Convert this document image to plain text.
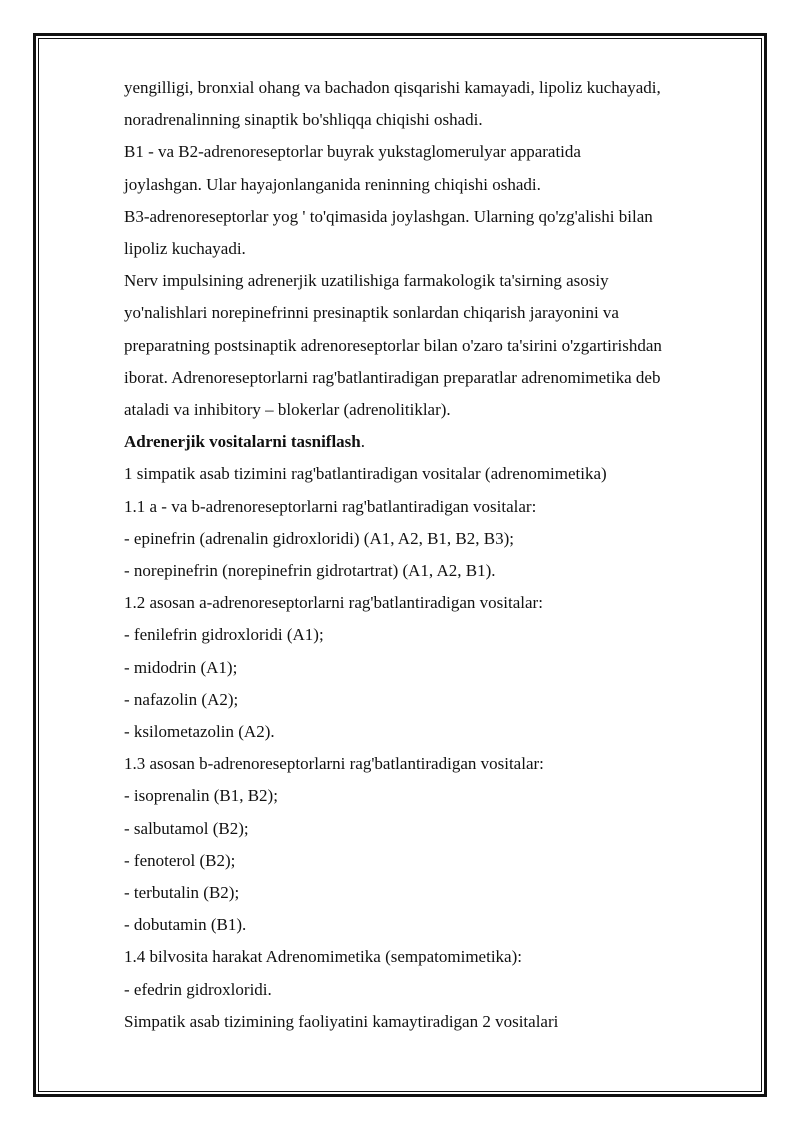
yengilligi, bronxial ohang va bachadon qisqarishi kamayadi, lipoliz kuchayadi,

noradrenalinning sinaptik bo'shliqqa chiqishi oshadi.

B1 - va B2-adrenoreseptorlar buyrak yukstaglomerulyar apparatida

joylashgan. Ular hayajonlanganida reninning chiqishi oshadi.

B3-adrenoreseptorlar yog ' to'qimasida joylashgan. Ularning qo'zg'alishi bilan

lipoliz kuchayadi.

Nerv impulsining adrenerjik uzatilishiga farmakologik ta'sirning asosiy

yo'nalishlari norepinefrinni presinaptik sonlardan chiqarish jarayonini va

preparatning postsinaptik adrenoreseptorlar bilan o'zaro ta'sirini o'zgartirishdan

iborat. Adrenoreseptorlarni rag'batlantiradigan preparatlar adrenomimetika deb

ataladi va inhibitory – blokerlar (adrenolitiklar).

Adrenerjik vositalarni tasniflash.

1 simpatik asab tizimini rag'batlantiradigan vositalar (adrenomimetika)

1.1 a - va b-adrenoreseptorlarni rag'batlantiradigan vositalar:

- epinefrin (adrenalin gidroxloridi) (A1, A2, B1, B2, B3);

- norepinefrin (norepinefrin gidrotartrat) (A1, A2, B1).

1.2 asosan a-adrenoreseptorlarni rag'batlantiradigan vositalar:

- fenilefrin gidroxloridi (A1);

- midodrin (A1);

- nafazolin (A2);

- ksilometazolin (A2).

1.3 asosan b-adrenoreseptorlarni rag'batlantiradigan vositalar:

- isoprenalin (B1, B2);

- salbutamol (B2);

- fenoterol (B2);

- terbutalin (B2);

- dobutamin (B1).

1.4 bilvosita harakat Adrenomimetika (sempatomimetika):

- efedrin gidroxloridi.

Simpatik asab tizimining faoliyatini kamaytiradigan 2 vositalari
